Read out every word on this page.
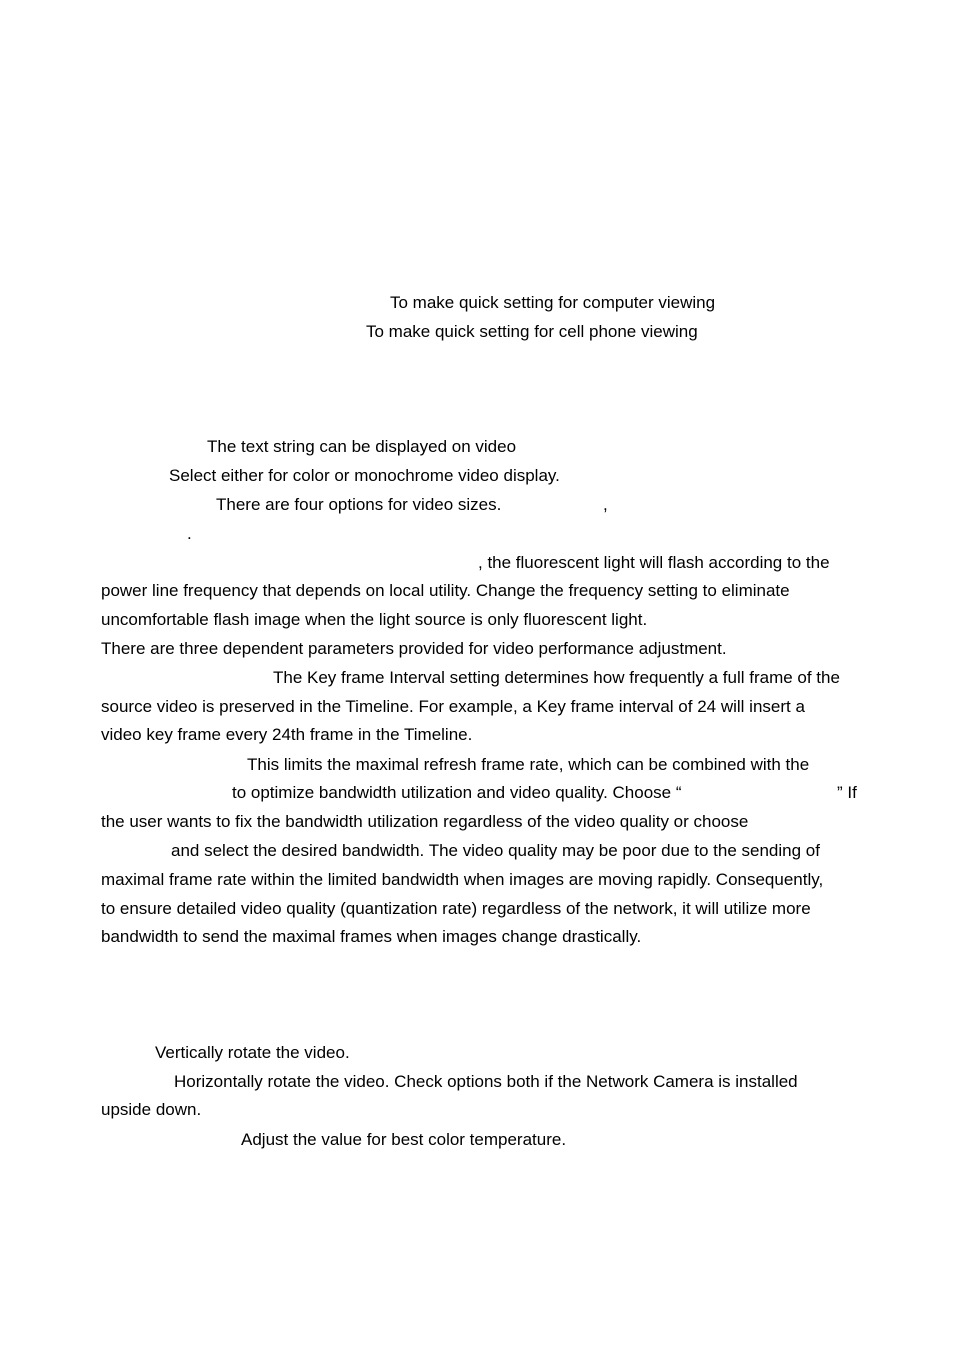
To make quick setting for computer viewing
To make quick setting for cell phone viewing
The text string can be displayed on video
Select either for color or monochrome video display.
There are four options for video sizes.	,
.
, the fluorescent light will flash according to the
power line frequency that depends on local utility. Change the frequency setting to eliminate
uncomfortable flash image when the light source is only fluorescent light.
There are three dependent parameters provided for video performance adjustment.
The Key frame Interval setting determines how frequently a full frame of the
source video is preserved in the Timeline. For example, a Key frame interval of 24 will insert a
video key frame every 24th frame in the Timeline.
This limits the maximal refresh frame rate, which can be combined with the
to optimize bandwidth utilization and video quality. Choose “	” If
the user wants to fix the bandwidth utilization regardless of the video quality or choose
and select the desired bandwidth. The video quality may be poor due to the sending of
maximal frame rate within the limited bandwidth when images are moving rapidly. Consequently,
to ensure detailed video quality (quantization rate) regardless of the network, it will utilize more
bandwidth to send the maximal frames when images change drastically.
Vertically rotate the video.
Horizontally rotate the video. Check options both if the Network Camera is installed
upside down.
Adjust the value for best color temperature.
